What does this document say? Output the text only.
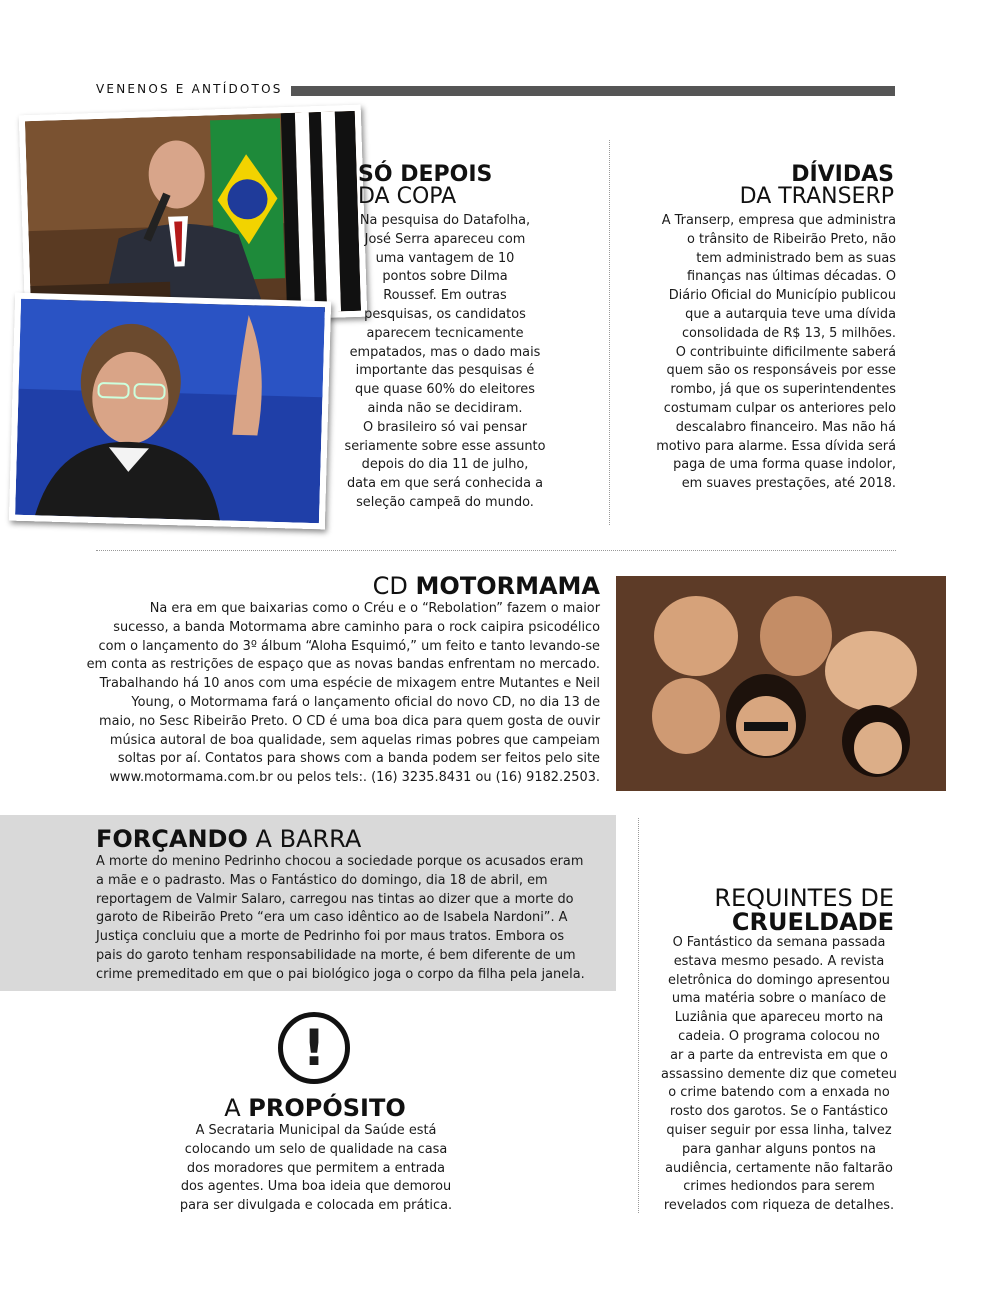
VENENOS E ANTÍDOTOS
SÓ DEPOIS
DA COPA
Na pesquisa do Datafolha,
José Serra apareceu com
uma vantagem de 10
pontos sobre Dilma
Roussef. Em outras
pesquisas, os candidatos
aparecem tecnicamente
empatados, mas o dado mais
importante das pesquisas é
que quase 60% do eleitores
ainda não se decidiram.
O brasileiro só vai pensar
seriamente sobre esse assunto
depois do dia 11 de julho,
data em que será conhecida a
seleção campeã do mundo.
DÍVIDAS
DA TRANSERP
A Transerp, empresa que administra
o trânsito de Ribeirão Preto, não
tem administrado bem as suas
finanças nas últimas décadas. O
Diário Oficial do Município publicou
que a autarquia teve uma dívida
consolidada de R$ 13, 5 milhões.
O contribuinte dificilmente saberá
quem são os responsáveis por esse
rombo, já que os superintendentes
costumam culpar os anteriores pelo
descalabro financeiro. Mas não há
motivo para alarme. Essa dívida será
paga de uma forma quase indolor,
em suaves prestações, até 2018.
CD MOTORMAMA
Na era em que baixarias como o Créu e o “Rebolation” fazem o maior
sucesso, a banda Motormama abre caminho para o rock caipira psicodélico
com o lançamento do 3º álbum “Aloha Esquimó,” um feito e tanto levando-se
em conta as restrições de espaço que as novas bandas enfrentam no mercado.
Trabalhando há 10 anos com uma espécie de mixagem entre Mutantes e Neil
Young, o Motormama fará o lançamento oficial do novo CD, no dia 13 de
maio, no Sesc Ribeirão Preto. O CD é uma boa dica para quem gosta de ouvir
música autoral de boa qualidade, sem aquelas rimas pobres que campeiam
soltas por aí. Contatos para shows com a banda podem ser feitos pelo site
www.motormama.com.br ou pelos tels:. (16) 3235.8431 ou (16) 9182.2503.
FORÇANDO A BARRA
A morte do menino Pedrinho chocou a sociedade porque os acusados eram
a mãe e o padrasto. Mas o Fantástico do domingo, dia 18 de abril, em
reportagem de Valmir Salaro, carregou nas tintas ao dizer que a morte do
garoto de Ribeirão Preto “era um caso idêntico ao de Isabela Nardoni”. A
Justiça concluiu que a morte de Pedrinho foi por maus tratos. Embora os
pais do garoto tenham responsabilidade na morte, é bem diferente de um
crime premeditado em que o pai biológico joga o corpo da filha pela janela.
!
A PROPÓSITO
A Secrataria Municipal da Saúde está
colocando um selo de qualidade na casa
dos moradores que permitem a entrada
dos agentes. Uma boa ideia que demorou
para ser divulgada e colocada em prática.
REQUINTES DE
CRUELDADE
O Fantástico da semana passada
estava mesmo pesado. A revista
eletrônica do domingo apresentou
uma matéria sobre o maníaco de
Luziânia que apareceu morto na
cadeia. O programa colocou no
ar a parte da entrevista em que o
assassino demente diz que cometeu
o crime batendo com a enxada no
rosto dos garotos. Se o Fantástico
quiser seguir por essa linha, talvez
para ganhar alguns pontos na
audiência, certamente não faltarão
crimes hediondos para serem
revelados com riqueza de detalhes.
